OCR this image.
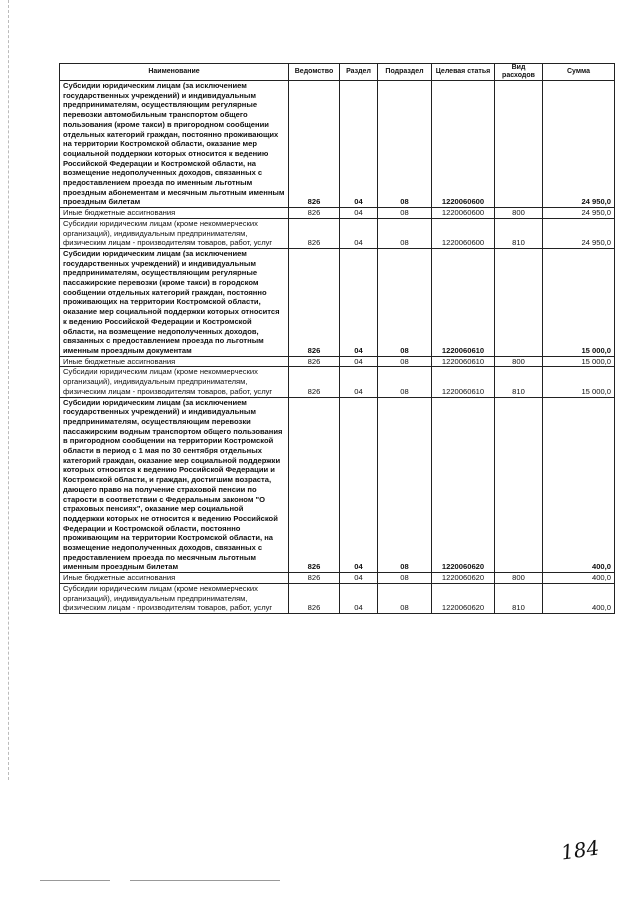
Наименование	Ведомство	Раздел	Подраздел	Целевая статья	Вид расходов	Сумма
Субсидии юридическим лицам (за исключением государственных учреждений) и индивидуальным предпринимателям, осуществляющим регулярные перевозки автомобильным транспортом общего пользования (кроме такси) в пригородном сообщении отдельных категорий граждан, постоянно проживающих на территории Костромской области, оказание мер социальной поддержки которых относится к ведению Российской Федерации и Костромской области, на возмещение недополученных доходов, связанных с предоставлением проезда по именным льготным проездным абонементам и месячным льготным именным проездным билетам	826	04	08	1220060600		24 950,0
Иные бюджетные ассигнования	826	04	08	1220060600	800	24 950,0
Субсидии юридическим лицам (кроме некоммерческих организаций), индивидуальным предпринимателям, физическим лицам - производителям товаров, работ, услуг	826	04	08	1220060600	810	24 950,0
Субсидии юридическим лицам (за исключением государственных учреждений) и индивидуальным предпринимателям, осуществляющим регулярные пассажирские перевозки (кроме такси) в городском сообщении отдельных категорий граждан, постоянно проживающих на территории Костромской области, оказание мер социальной поддержки которых относится к ведению Российской Федерации и Костромской области, на возмещение недополученных доходов, связанных с предоставлением проезда по льготным именным проездным документам	826	04	08	1220060610		15 000,0
Иные бюджетные ассигнования	826	04	08	1220060610	800	15 000,0
Субсидии юридическим лицам (кроме некоммерческих организаций), индивидуальным предпринимателям, физическим лицам - производителям товаров, работ, услуг	826	04	08	1220060610	810	15 000,0
Субсидии юридическим лицам (за исключением государственных учреждений) и индивидуальным предпринимателям, осуществляющим перевозки пассажирским водным транспортом общего пользования в пригородном сообщении на территории Костромской области в период с 1 мая по 30 сентября отдельных категорий граждан, оказание мер социальной поддержки которых относится к ведению Российской Федерации и Костромской области, и граждан, достигшим возраста, дающего право на получение страховой пенсии по старости в соответствии с Федеральным законом "О страховых пенсиях", оказание мер социальной поддержки которых не относится к ведению Российской Федерации и Костромской области, постоянно проживающим на территории Костромской области, на возмещение недополученных доходов, связанных с предоставлением проезда по месячным льготным именным проездным билетам	826	04	08	1220060620		400,0
Иные бюджетные ассигнования	826	04	08	1220060620	800	400,0
Субсидии юридическим лицам (кроме некоммерческих организаций), индивидуальным предпринимателям, физическим лицам - производителям товаров, работ, услуг	826	04	08	1220060620	810	400,0
184
